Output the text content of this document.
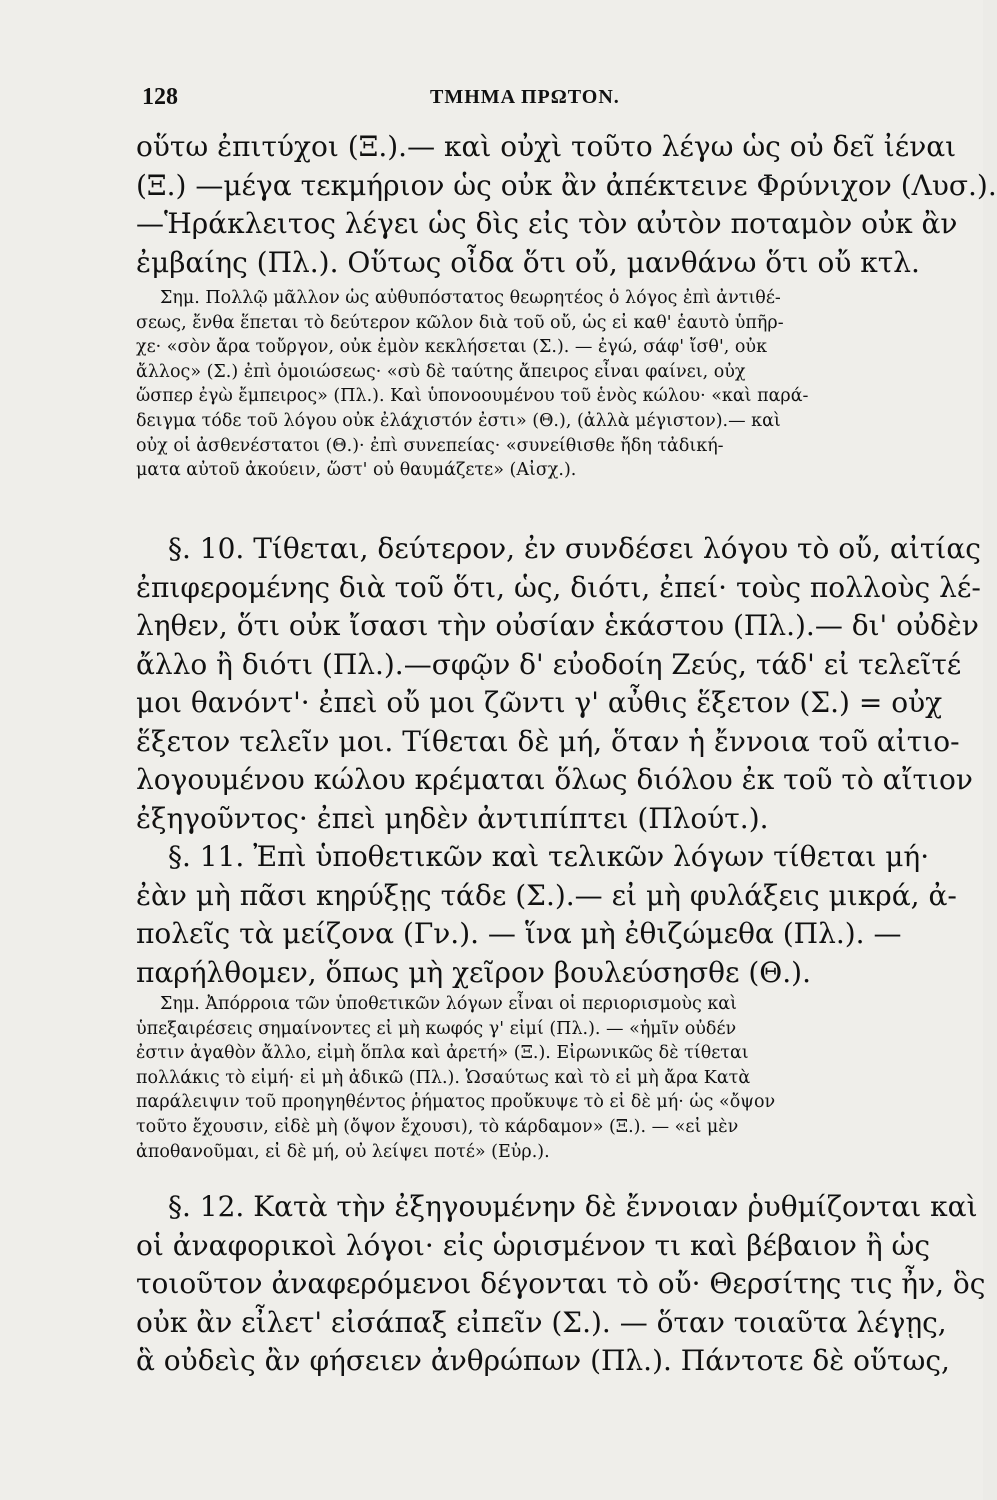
128	ΤΜΗΜΑ ΠΡΩΤΟΝ.
οὕτω ἐπιτύχοι (Ξ.).— καὶ οὐχὶ τοῦτο λέγω ὡς οὐ δεῖ ἰέναι
(Ξ.) —μέγα τεκμήριον ὡς οὐκ ἂν ἀπέκτεινε Φρύνιχον (Λυσ.).
—Ἡράκλειτος λέγει ὡς δὶς εἰς τὸν αὐτὸν ποταμὸν οὐκ ἂν
ἐμβαίης (Πλ.). Οὕτως οἶδα ὅτι οὔ, μανθάνω ὅτι οὔ κτλ.
Σημ. Πολλῷ μᾶλλον ὡς αὐθυπόστατος θεωρητέος ὁ λόγος ἐπὶ ἀντιθέ-
σεως, ἔνθα ἕπεται τὸ δεύτερον κῶλον διὰ τοῦ οὔ, ὡς εἰ καθ' ἑαυτὸ ὑπῆρ-
χε· «σὸν ἄρα τοὔργον, οὐκ ἐμὸν κεκλήσεται (Σ.). — ἐγώ, σάφ' ἴσθ', οὐκ
ἄλλος» (Σ.) ἐπὶ ὁμοιώσεως· «σὺ δὲ ταύτης ἄπειρος εἶναι φαίνει, οὐχ
ὥσπερ ἐγὼ ἔμπειρος» (Πλ.). Καὶ ὑπονοουμένου τοῦ ἑνὸς κώλου· «καὶ παρά-
δειγμα τόδε τοῦ λόγου οὐκ ἐλάχιστόν ἐστι» (Θ.), (ἀλλὰ μέγιστον).— καὶ
οὐχ οἱ ἀσθενέστατοι (Θ.)· ἐπὶ συνεπείας· «συνείθισθε ἤδη τἀδική-
ματα αὐτοῦ ἀκούειν, ὥστ' οὐ θαυμάζετε» (Αἰσχ.).
§. 10. Τίθεται, δεύτερον, ἐν συνδέσει λόγου τὸ οὔ, αἰτίας
ἐπιφερομένης διὰ τοῦ ὅτι, ὡς, διότι, ἐπεί· τοὺς πολλοὺς λέ-
ληθεν, ὅτι οὐκ ἴσασι τὴν οὐσίαν ἑκάστου (Πλ.).— δι' οὐδὲν
ἄλλο ἢ διότι (Πλ.).—σφῷν δ' εὐοδοίη Ζεύς, τάδ' εἰ τελεῖτέ
μοι θανόντ'· ἐπεὶ οὔ μοι ζῶντι γ' αὖθις ἕξετον (Σ.) = οὐχ
ἕξετον τελεῖν μοι. Τίθεται δὲ μή, ὅταν ἡ ἔννοια τοῦ αἰτιο-
λογουμένου κώλου κρέμαται ὅλως διόλου ἐκ τοῦ τὸ αἴτιον
ἐξηγοῦντος· ἐπεὶ μηδὲν ἀντιπίπτει (Πλούτ.).
§. 11. Ἐπὶ ὑποθετικῶν καὶ τελικῶν λόγων τίθεται μή·
ἐὰν μὴ πᾶσι κηρύξῃς τάδε (Σ.).— εἰ μὴ φυλάξεις μικρά, ἀ-
πολεῖς τὰ μείζονα (Γν.). — ἵνα μὴ ἐθιζώμεθα (Πλ.). —
παρήλθομεν, ὅπως μὴ χεῖρον βουλεύσησθε (Θ.).
Σημ. Ἀπόρροια τῶν ὑποθετικῶν λόγων εἶναι οἱ περιορισμοὺς καὶ
ὑπεξαιρέσεις σημαίνοντες εἰ μὴ κωφός γ' εἰμί (Πλ.). — «ἡμῖν οὐδέν
ἐστιν ἀγαθὸν ἄλλο, εἰμὴ ὅπλα καὶ ἀρετή» (Ξ.). Εἰρωνικῶς δὲ τίθεται
πολλάκις τὸ εἰμή· εἰ μὴ ἀδικῶ (Πλ.). Ὡσαύτως καὶ τὸ εἰ μὴ ἄρα Κατὰ
παράλειψιν τοῦ προηγηθέντος ῥήματος προὔκυψε τὸ εἰ δὲ μή· ὡς «ὄψον
τοῦτο ἔχουσιν, εἰδὲ μὴ (ὄψον ἔχουσι), τὸ κάρδαμον» (Ξ.). — «εἰ μὲν
ἀποθανοῦμαι, εἰ δὲ μή, οὐ λείψει ποτέ» (Εὐρ.).
§. 12. Κατὰ τὴν ἐξηγουμένην δὲ ἔννοιαν ῥυθμίζονται καὶ
οἱ ἀναφορικοὶ λόγοι· εἰς ὡρισμένον τι καὶ βέβαιον ἢ ὡς
τοιοῦτον ἀναφερόμενοι δέγονται τὸ οὔ· Θερσίτης τις ἦν, ὃς
οὐκ ἂν εἶλετ' εἰσάπαξ εἰπεῖν (Σ.). — ὅταν τοιαῦτα λέγῃς,
ἃ οὐδεὶς ἂν φήσειεν ἀνθρώπων (Πλ.). Πάντοτε δὲ οὕτως,
